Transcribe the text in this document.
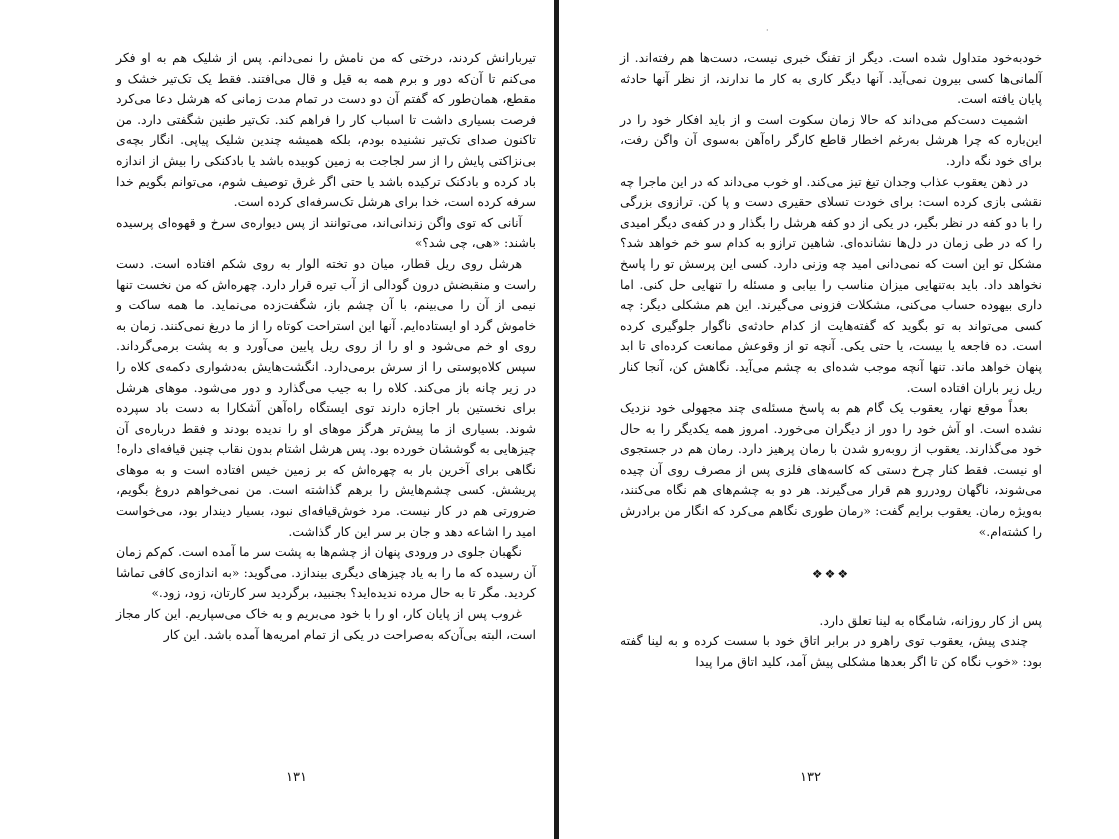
·

تیربارانش کردند، درختی که من نامش را نمی‌دانم. پس از شلیک هم به او فکر می‌کنم تا آن‌که دور و برم همه به قیل و قال می‌افتند. فقط یک تک‌تیر خشک و مقطع، همان‌طور که گفتم آن دو دست در تمام مدت زمانی که هرشل دعا می‌کرد فرصت بسیاری داشت تا اسباب کار را فراهم کند. تک‌تیر طنین شگفتی دارد. من تاکنون صدای تک‌تیر نشنیده بودم، بلکه همیشه چندین شلیک پیاپی. انگار بچه‌ی بی‌نزاکتی پایش را از سر لجاجت به زمین کوبیده باشد یا بادکنکی را بیش از اندازه باد کرده و بادکنک ترکیده باشد یا حتی اگر غرق توصیف شوم، می‌توانم بگویم خدا سرفه کرده است، خدا برای هرشل تک‌سرفه‌ای کرده است.

آنانی که توی واگن زندانی‌اند، می‌توانند از پس دیواره‌ی سرخ و قهوه‌ای پرسیده باشند: «هی، چی شد؟»

هرشل روی ریل قطار، میان دو تخته الوار به روی شکم افتاده است. دست راست و منقبضش درون گودالی از آب تیره قرار دارد. چهره‌اش که من نخست تنها نیمی از آن را می‌بینم، با آن چشم باز، شگفت‌زده می‌نماید. ما همه ساکت و خاموش گرد او ایستاده‌ایم. آنها این استراحت کوتاه را از ما دریغ نمی‌کنند. زمان به روی او خم می‌شود و او را از روی ریل پایین می‌آورد و به پشت برمی‌گرداند. سپس کلاه‌پوستی را از سرش برمی‌دارد. انگشت‌هایش به‌دشواری دکمه‌ی کلاه را در زیر چانه باز می‌کند. کلاه را به جیب می‌گذارد و دور می‌شود. موهای هرشل برای نخستین بار اجازه دارند توی ایستگاه راه‌آهن آشکارا به دست باد سپرده شوند. بسیاری از ما پیش‌تر هرگز موهای او را ندیده بودند و فقط درباره‌ی آن چیزهایی به گوششان خورده بود. پس هرشل اشتام بدون نقاب چنین قیافه‌ای داره! نگاهی برای آخرین بار به چهره‌اش که بر زمین خیس افتاده است و به موهای پریشش. کسی چشم‌هایش را برهم گذاشته است. من نمی‌خواهم دروغ بگویم، ضرورتی هم در کار نیست. مرد خوش‌قیافه‌ای نبود، بسیار دیندار بود، می‌خواست امید را اشاعه دهد و جان بر سر این کار گذاشت.

نگهبان جلوی در ورودی پنهان از چشم‌ها به پشت سر ما آمده است. کم‌کم زمان آن رسیده که ما را به یاد چیزهای دیگری بیندازد. می‌گوید: «به اندازه‌ی کافی تماشا کردید. مگر تا به حال مرده ندیده‌اید؟ بجنبید، برگردید سر کارتان، زود، زود.»

غروب پس از پایان کار، او را با خود می‌بریم و به خاک می‌سپاریم. این کار مجاز است، البته بی‌آن‌که به‌صراحت در یکی از تمام امریه‌ها آمده باشد. این کار

خودبه‌خود متداول شده است. دیگر از تفنگ خبری نیست، دست‌ها هم رفته‌اند. از آلمانی‌ها کسی بیرون نمی‌آید. آنها دیگر کاری به کار ما ندارند، از نظر آنها حادثه پایان یافته است.

اشمیت دست‌کم می‌داند که حالا زمان سکوت است و از باید افکار خود را در این‌باره که چرا هرشل به‌رغم اخطار قاطع کارگر راه‌آهن به‌سوی آن واگن رفت، برای خود نگه دارد.

در ذهن یعقوب عذاب وجدان تیغ تیز می‌کند. او خوب می‌داند که در این ماجرا چه نقشی بازی کرده است: برای خودت تسلای حقیری دست و پا کن. ترازوی بزرگی را با دو کفه در نظر بگیر، در یکی از دو کفه هرشل را بگذار و در کفه‌ی دیگر امیدی را که در طی زمان در دل‌ها نشانده‌ای. شاهین ترازو به کدام سو خم خواهد شد؟ مشکل تو این است که نمی‌دانی امید چه وزنی دارد. کسی این پرسش تو را پاسخ نخواهد داد. باید به‌تنهایی میزان مناسب را بیابی و مسئله را تنهایی حل کنی. اما داری بیهوده حساب می‌کنی، مشکلات فزونی می‌گیرند. این هم مشکلی دیگر: چه کسی می‌تواند به تو بگوید که گفته‌هایت از کدام حادثه‌ی ناگوار جلوگیری کرده است. ده فاجعه یا بیست، یا حتی یکی. آنچه تو از وقوعش ممانعت کرده‌ای تا ابد پنهان خواهد ماند. تنها آنچه موجب شده‌ای به چشم می‌آید. نگاهش کن، آنجا کنار ریل زیر باران افتاده است.

بعداً موقع نهار، یعقوب یک گام هم به پاسخ مسئله‌ی چند مجهولی خود نزدیک نشده است. او آش خود را دور از دیگران می‌خورد. امروز همه یکدیگر را به حال خود می‌گذارند. یعقوب از روبه‌رو شدن با رمان پرهیز دارد. رمان هم در جستجوی او نیست. فقط کنار چرخ دستی که کاسه‌های فلزی پس از مصرف روی آن چیده می‌شوند، ناگهان رودررو هم قرار می‌گیرند. هر دو به چشم‌های هم نگاه می‌کنند، به‌ویژه رمان. یعقوب برایم گفت: «رمان طوری نگاهم می‌کرد که انگار من برادرش را کشته‌ام.»

❖❖❖

پس از کار روزانه، شامگاه به لینا تعلق دارد.

چندی پیش، یعقوب توی راهرو در برابر اتاق خود با سست کرده و به لینا گفته بود: «خوب نگاه کن تا اگر بعدها مشکلی پیش آمد، کلید اتاق مرا پیدا

۱۳۱	۱۳۲
